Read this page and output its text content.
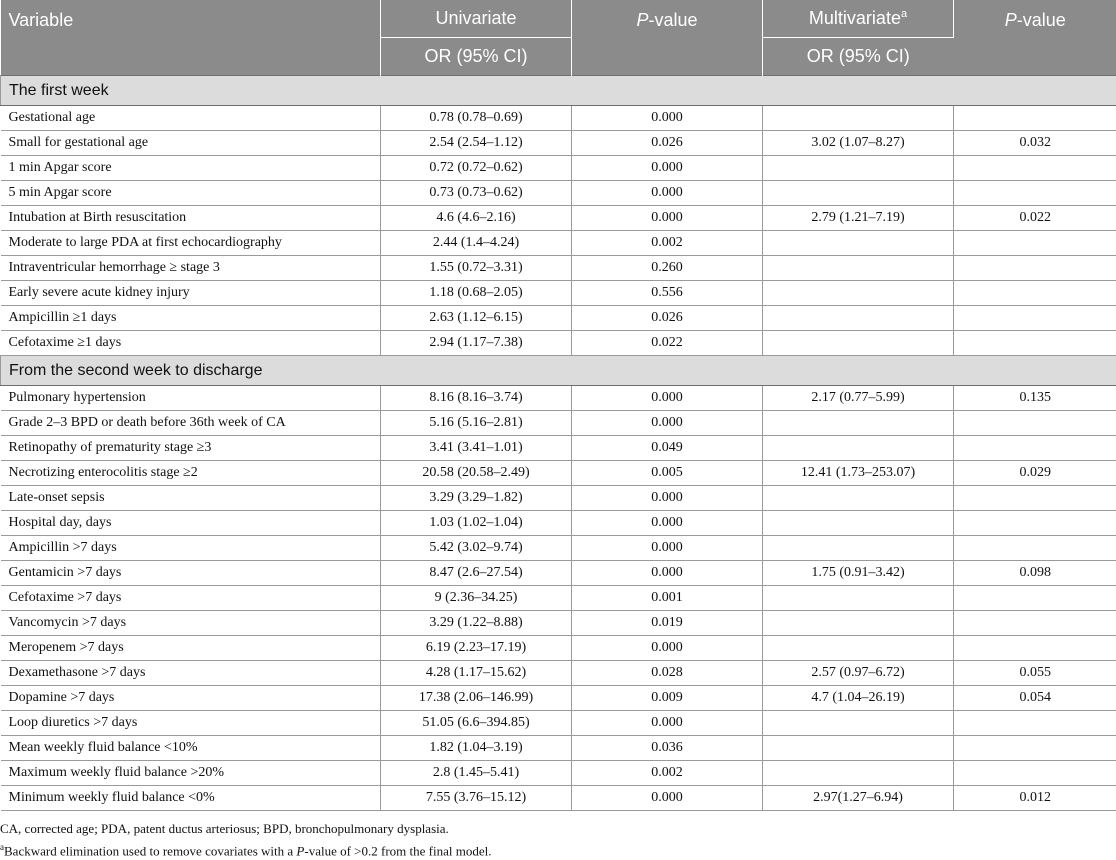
Variable	Univariate	P-value	Multivariate$^a$	P-value
	OR (95% CI)		OR (95% CI)	
The first week				
Gestational age	0.78 (0.78–0.69)	0.000		
Small for gestational age	2.54 (2.54–1.12)	0.026	3.02 (1.07–8.27)	0.032
1 min Apgar score	0.72 (0.72–0.62)	0.000		
5 min Apgar score	0.73 (0.73–0.62)	0.000		
Intubation at Birth resuscitation	4.6 (4.6–2.16)	0.000	2.79 (1.21–7.19)	0.022
Moderate to large PDA at first echocardiography	2.44 (1.4–4.24)	0.002		
Intraventricular hemorrhage ≥ stage 3	1.55 (0.72–3.31)	0.260		
Early severe acute kidney injury	1.18 (0.68–2.05)	0.556		
Ampicillin ≥1 days	2.63 (1.12–6.15)	0.026		
Cefotaxime ≥1 days	2.94 (1.17–7.38)	0.022		
From the second week to discharge				
Pulmonary hypertension	8.16 (8.16–3.74)	0.000	2.17 (0.77–5.99)	0.135
Grade 2–3 BPD or death before 36th week of CA	5.16 (5.16–2.81)	0.000		
Retinopathy of prematurity stage ≥3	3.41 (3.41–1.01)	0.049		
Necrotizing enterocolitis stage ≥2	20.58 (20.58–2.49)	0.005	12.41 (1.73–253.07)	0.029
Late-onset sepsis	3.29 (3.29–1.82)	0.000		
Hospital day, days	1.03 (1.02–1.04)	0.000		
Ampicillin >7 days	5.42 (3.02–9.74)	0.000		
Gentamicin >7 days	8.47 (2.6–27.54)	0.000	1.75 (0.91–3.42)	0.098
Cefotaxime >7 days	9 (2.36–34.25)	0.001		
Vancomycin >7 days	3.29 (1.22–8.88)	0.019		
Meropenem >7 days	6.19 (2.23–17.19)	0.000		
Dexamethasone >7 days	4.28 (1.17–15.62)	0.028	2.57 (0.97–6.72)	0.055
Dopamine >7 days	17.38 (2.06–146.99)	0.009	4.7 (1.04–26.19)	0.054
Loop diuretics >7 days	51.05 (6.6–394.85)	0.000		
Mean weekly fluid balance <10%	1.82 (1.04–3.19)	0.036		
Maximum weekly fluid balance >20%	2.8 (1.45–5.41)	0.002		
Minimum weekly fluid balance <0%	7.55 (3.76–15.12)	0.000	2.97(1.27–6.94)	0.012

CA, corrected age; PDA, patent ductus arteriosus; BPD, bronchopulmonary dysplasia.

$^a$Backward elimination used to remove covariates with a P-value of >0.2 from the final model.
